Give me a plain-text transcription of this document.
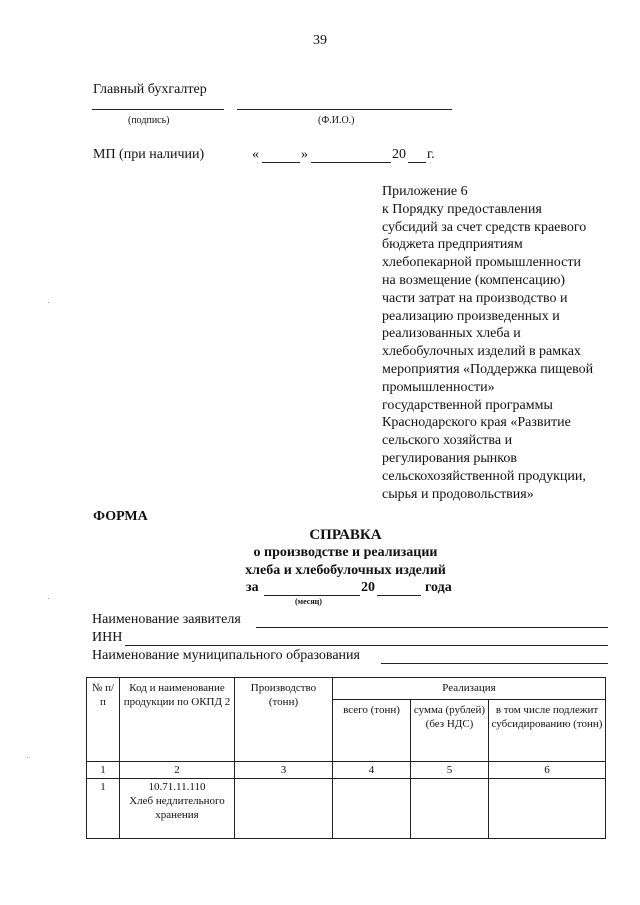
39
Главный бухгалтер
(подпись)	(Ф.И.О.)
МП (при наличии)	«	»	20 г.
Приложение 6
к Порядку предоставления
субсидий за счет средств краевого
бюджета предприятиям
хлебопекарной промышленности
на возмещение (компенсацию)
части затрат на производство и
реализацию произведенных и
реализованных хлеба и
хлебобулочных изделий в рамках
мероприятия «Поддержка пищевой
промышленности»
государственной программы
Краснодарского края «Развитие
сельского хозяйства и
регулирования рынков
сельскохозяйственной продукции,
сырья и продовольствия»
ФОРМА
СПРАВКА
о производстве и реализации
хлеба и хлебобулочных изделий
за	20	года
(месяц)
Наименование заявителя
ИНН
Наименование муниципального образования
№ п/п	Код и наименование продукции по ОКПД 2	Производство (тонн)	Реализация		
			всего (тонн)	сумма (рублей) (без НДС)	в том числе подлежит субсидированию (тонн)
1	2	3	4	5	6
1	10.71.11.110
Хлеб недлительного хранения				
